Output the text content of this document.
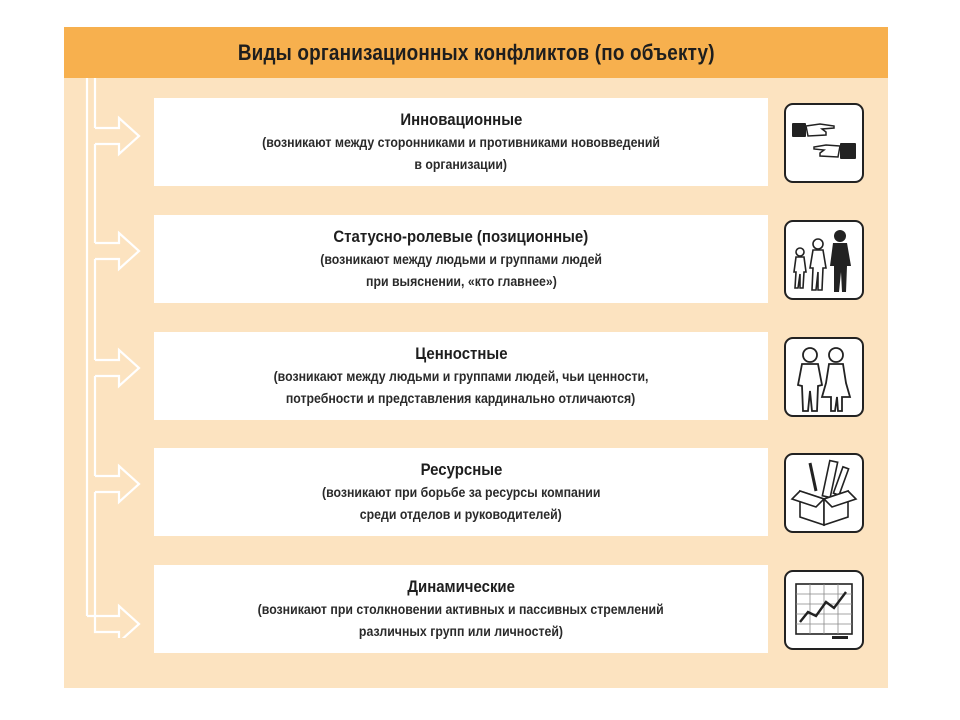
Виды организационных конфликтов (по объекту)
Инновационные
(возникают между сторонниками и противниками нововведений
в организации)
Статусно-ролевые (позиционные)
(возникают между людьми и группами людей
при выяснении, «кто главнее»)
Ценностные
(возникают между людьми и группами людей, чьи ценности,
потребности и представления кардинально отличаются)
Ресурсные
(возникают при борьбе за ресурсы компании
среди отделов и руководителей)
Динамические
(возникают при столкновении активных и пассивных стремлений
различных групп или личностей)
